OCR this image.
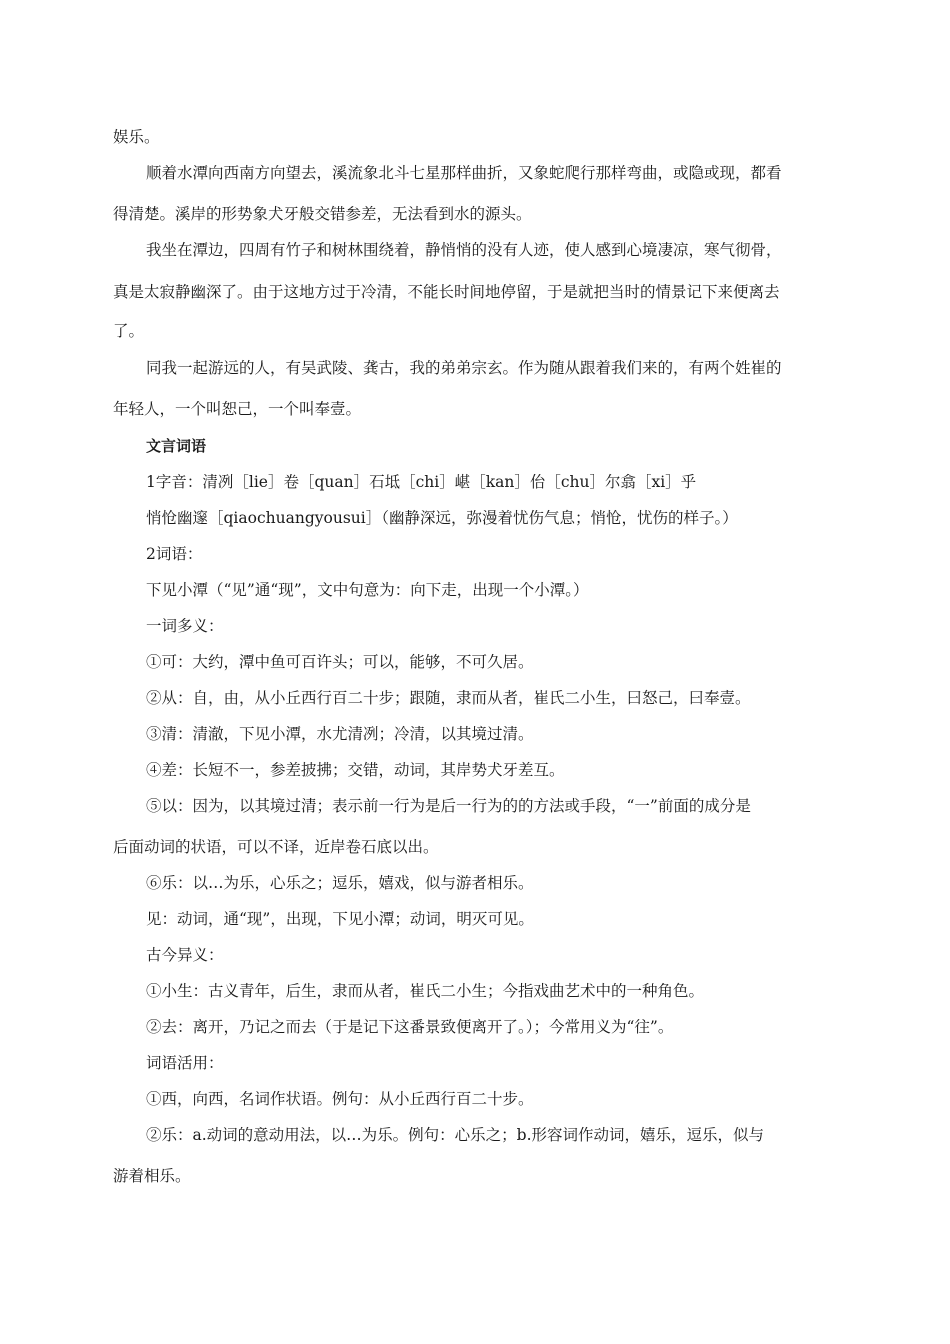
娱乐。
顺着水潭向西南方向望去，溪流象北斗七星那样曲折，又象蛇爬行那样弯曲，或隐或现，都看
得清楚。溪岸的形势象犬牙般交错参差，无法看到水的源头。
我坐在潭边，四周有竹子和树林围绕着，静悄悄的没有人迹，使人感到心境凄凉，寒气彻骨，
真是太寂静幽深了。由于这地方过于冷清，不能长时间地停留，于是就把当时的情景记下来便离去
了。
同我一起游远的人，有吴武陵、龚古，我的弟弟宗玄。作为随从跟着我们来的，有两个姓崔的
年轻人，一个叫恕己，一个叫奉壹。
文言词语
1字音：清冽［lie］卷［quan］石坻［chi］嵁［kan］佁［chu］尔翕［xi］乎
悄怆幽邃［qiaochuangyousui］（幽静深远，弥漫着忧伤气息；悄怆，忧伤的样子。）
2词语：
下见小潭（“见”通“现”，文中句意为：向下走，出现一个小潭。）
一词多义：
①可：大约，潭中鱼可百许头；可以，能够，不可久居。
②从：自，由，从小丘西行百二十步；跟随，隶而从者，崔氏二小生，曰怒己，曰奉壹。
③清：清澈，下见小潭，水尤清冽；冷清，以其境过清。
④差：长短不一，参差披拂；交错，动词，其岸势犬牙差互。
⑤以：因为，以其境过清；表示前一行为是后一行为的的方法或手段，“一”前面的成分是
后面动词的状语，可以不译，近岸卷石底以出。
⑥乐：以…为乐，心乐之；逗乐，嬉戏，似与游者相乐。
见：动词，通“现”，出现，下见小潭；动词，明灭可见。
古今异义：
①小生：古义青年，后生，隶而从者，崔氏二小生；今指戏曲艺术中的一种角色。
②去：离开，乃记之而去（于是记下这番景致便离开了。）；今常用义为“往”。
词语活用：
①西，向西，名词作状语。例句：从小丘西行百二十步。
②乐：a.动词的意动用法，以…为乐。例句：心乐之；b.形容词作动词，嬉乐，逗乐，似与
游着相乐。
